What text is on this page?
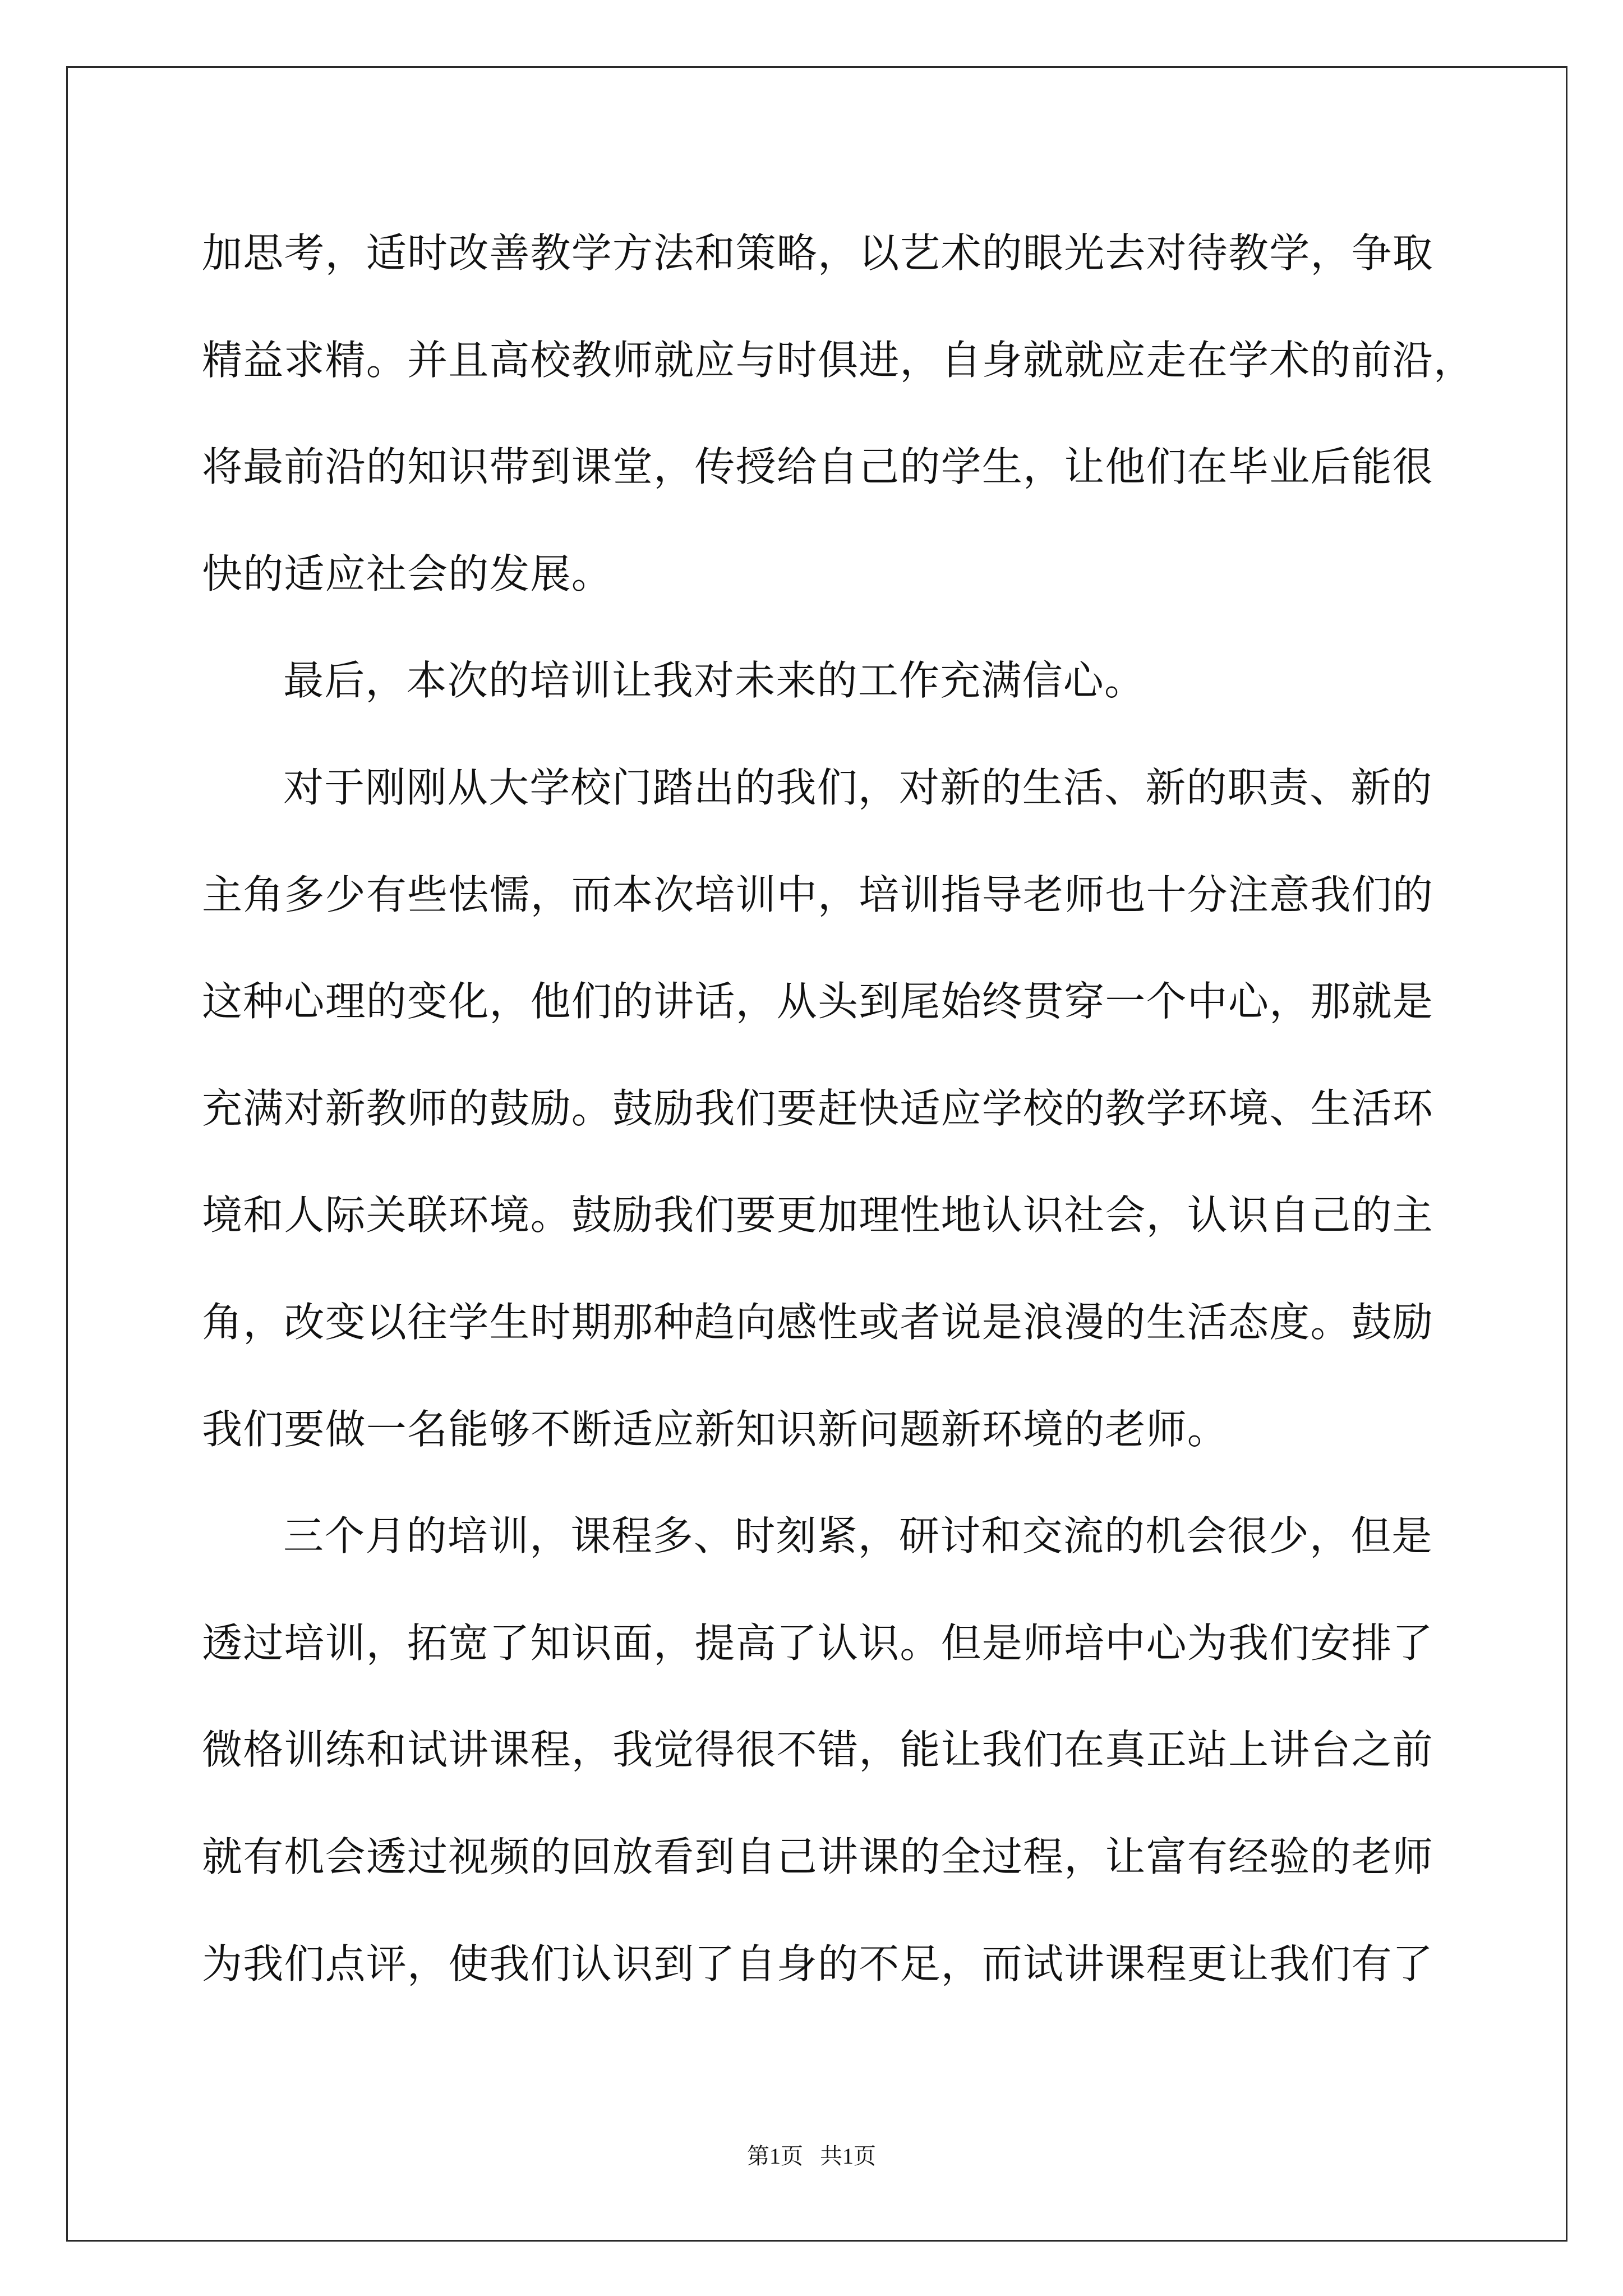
加思考，适时改善教学方法和策略，以艺术的眼光去对待教学，争取
精益求精。并且高校教师就应与时俱进，自身就就应走在学术的前沿，
将最前沿的知识带到课堂，传授给自己的学生，让他们在毕业后能很
快的适应社会的发展。
最后，本次的培训让我对未来的工作充满信心。
对于刚刚从大学校门踏出的我们，对新的生活、新的职责、新的
主角多少有些怯懦，而本次培训中，培训指导老师也十分注意我们的
这种心理的变化，他们的讲话，从头到尾始终贯穿一个中心，那就是
充满对新教师的鼓励。鼓励我们要赶快适应学校的教学环境、生活环
境和人际关联环境。鼓励我们要更加理性地认识社会，认识自己的主
角，改变以往学生时期那种趋向感性或者说是浪漫的生活态度。鼓励
我们要做一名能够不断适应新知识新问题新环境的老师。
三个月的培训，课程多、时刻紧，研讨和交流的机会很少，但是
透过培训，拓宽了知识面，提高了认识。但是师培中心为我们安排了
微格训练和试讲课程，我觉得很不错，能让我们在真正站上讲台之前
就有机会透过视频的回放看到自己讲课的全过程，让富有经验的老师
为我们点评，使我们认识到了自身的不足，而试讲课程更让我们有了
第1页   共1页
